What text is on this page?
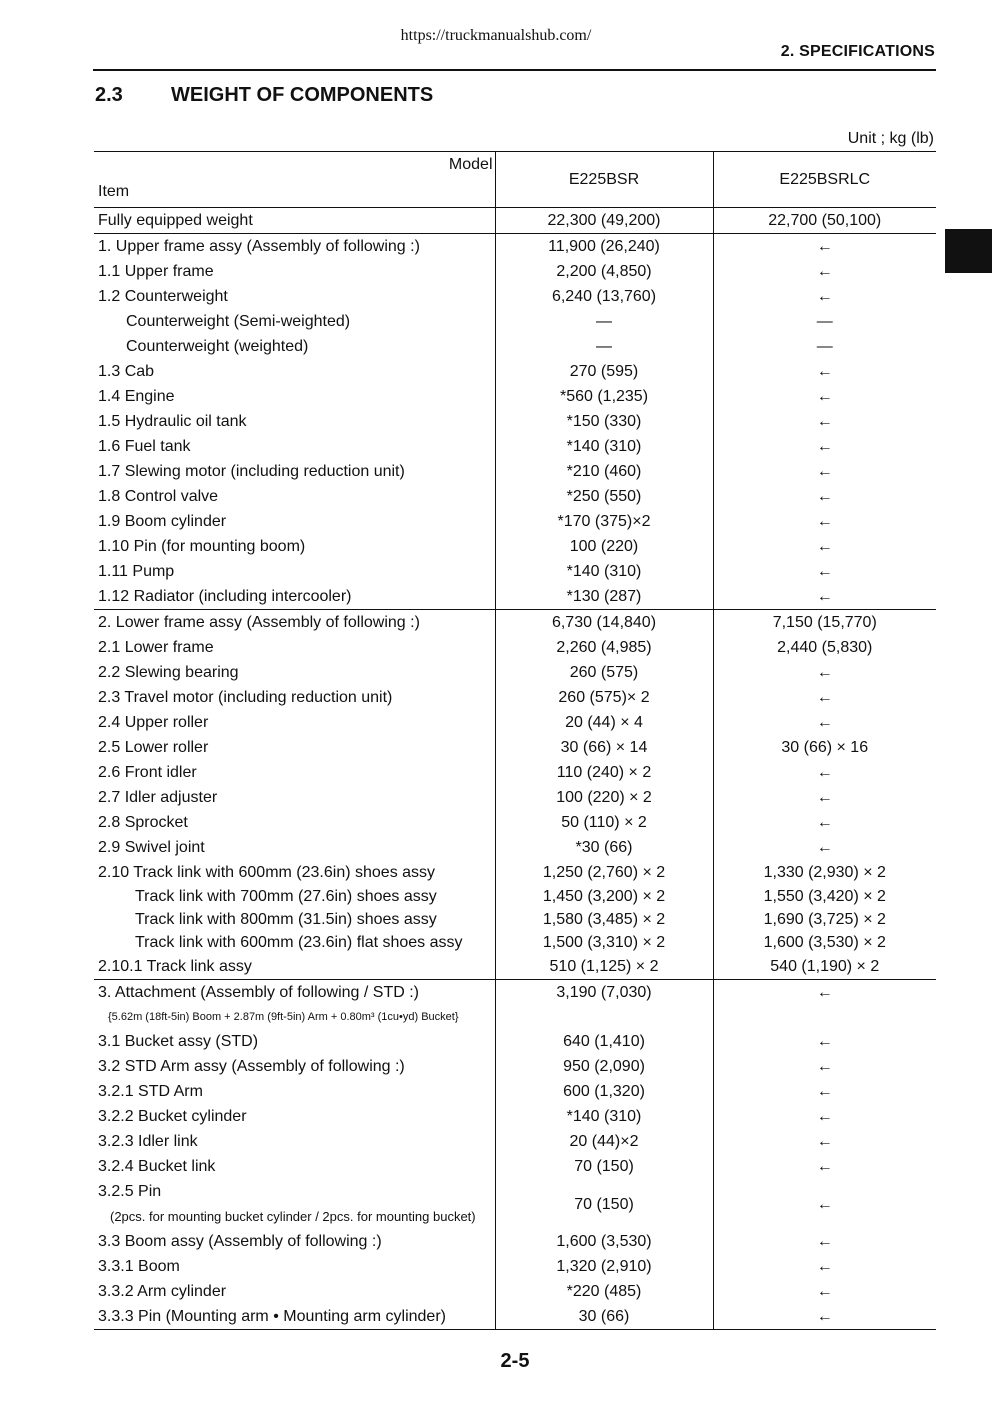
https://truckmanualshub.com/
2. SPECIFICATIONS
2.3 WEIGHT OF COMPONENTS
Unit ; kg (lb)
Model
Item	E225BSR	E225BSRLC
Fully equipped weight	22,300 (49,200)	22,700 (50,100)
1. Upper frame assy (Assembly of following :)	11,900 (26,240)	←
1.1 Upper frame	2,200 (4,850)	←
1.2 Counterweight	6,240 (13,760)	←
Counterweight (Semi-weighted)	—	—
Counterweight (weighted)	—	—
1.3 Cab	270 (595)	←
1.4 Engine	*560 (1,235)	←
1.5 Hydraulic oil tank	*150 (330)	←
1.6 Fuel tank	*140 (310)	←
1.7 Slewing motor (including reduction unit)	*210 (460)	←
1.8 Control valve	*250 (550)	←
1.9 Boom cylinder	*170 (375)×2	←
1.10 Pin (for mounting boom)	100 (220)	←
1.11 Pump	*140 (310)	←
1.12 Radiator (including intercooler)	*130 (287)	←
2. Lower frame assy (Assembly of following :)	6,730 (14,840)	7,150 (15,770)
2.1 Lower frame	2,260 (4,985)	2,440 (5,830)
2.2 Slewing bearing	260 (575)	←
2.3 Travel motor (including reduction unit)	260 (575)× 2	←
2.4 Upper roller	20 (44) × 4	←
2.5 Lower roller	30 (66) × 14	30 (66) × 16
2.6 Front idler	110 (240) × 2	←
2.7 Idler adjuster	100 (220) × 2	←
2.8 Sprocket	50 (110) × 2	←
2.9 Swivel joint	*30 (66)	←
2.10 Track link with 600mm (23.6in) shoes assy	1,250 (2,760) × 2	1,330 (2,930) × 2
Track link with 700mm (27.6in) shoes assy	1,450 (3,200) × 2	1,550 (3,420) × 2
Track link with 800mm (31.5in) shoes assy	1,580 (3,485) × 2	1,690 (3,725) × 2
Track link with 600mm (23.6in) flat shoes assy	1,500 (3,310) × 2	1,600 (3,530) × 2
2.10.1 Track link assy	510 (1,125) × 2	540 (1,190) × 2
3. Attachment (Assembly of following / STD :)	3,190 (7,030)	←
{5.62m (18ft-5in) Boom + 2.87m (9ft-5in) Arm + 0.80m³ (1cu•yd) Bucket}		
3.1 Bucket assy (STD)	640 (1,410)	←
3.2 STD Arm assy (Assembly of following :)	950 (2,090)	←
3.2.1 STD Arm	600 (1,320)	←
3.2.2 Bucket cylinder	*140 (310)	←
3.2.3 Idler link	20 (44)×2	←
3.2.4 Bucket link	70 (150)	←
3.2.5 Pin	70 (150)	←
(2pcs. for mounting bucket cylinder / 2pcs. for mounting bucket)		
3.3 Boom assy (Assembly of following :)	1,600 (3,530)	←
3.3.1 Boom	1,320 (2,910)	←
3.3.2 Arm cylinder	*220 (485)	←
3.3.3 Pin (Mounting arm • Mounting arm cylinder)	30 (66)	←
2-5
